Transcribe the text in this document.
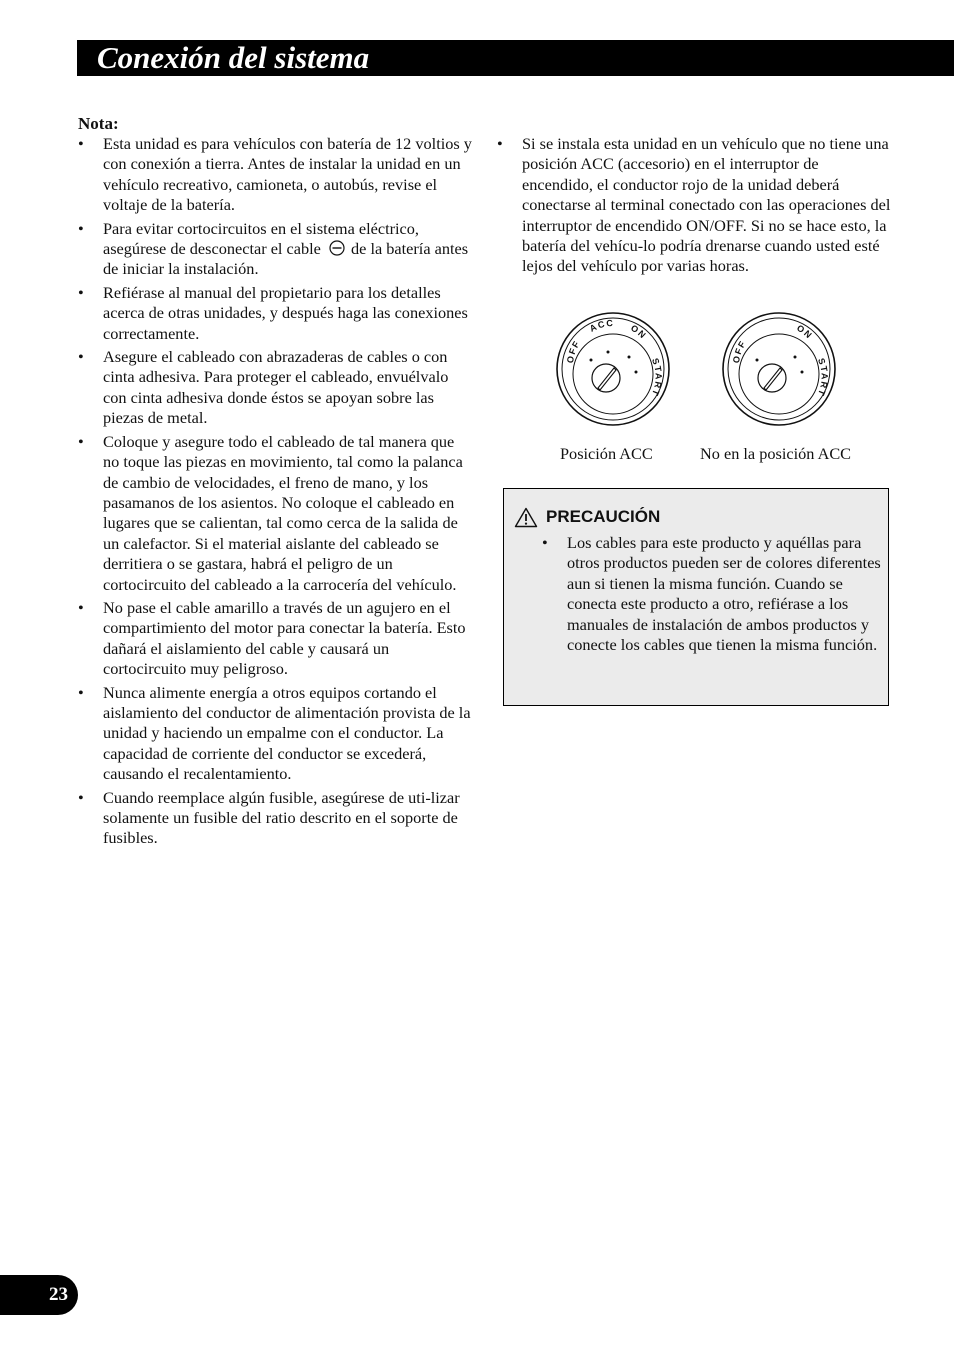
Conexión del sistema
Nota:
• Esta unidad es para vehículos con batería de 12 voltios y con conexión a tierra. Antes de instalar la unidad en un vehículo recreativo, camioneta, o autobús, revise el voltaje de la batería.
• Para evitar cortocircuitos en el sistema eléctrico, asegúrese de desconectar el cable  de la batería antes de iniciar la instalación.
• Refiérase al manual del propietario para los detalles acerca de otras unidades, y después haga las conexiones correctamente.
• Asegure el cableado con abrazaderas de cables o con cinta adhesiva. Para proteger el cableado, envuélvalo con cinta adhesiva donde éstos se apoyan sobre las piezas de metal.
• Coloque y asegure todo el cableado de tal manera que no toque las piezas en movimiento, tal como la palanca de cambio de velocidades, el freno de mano, y los pasamanos de los asientos. No coloque el cableado en lugares que se calientan, tal como cerca de la salida de un calefactor. Si el material aislante del cableado se derritiera o se gastara, habrá el peligro de un cortocircuito del cableado a la carrocería del vehículo.
• No pase el cable amarillo a través de un agujero en el compartimiento del motor para conectar la batería. Esto dañará el aislamiento del cable y causará un cortocircuito muy peligroso.
• Nunca alimente energía a otros equipos cortando el aislamiento del conductor de alimentación provista de la unidad y haciendo un empalme con el conductor. La capacidad de corriente del conductor se excederá, causando el recalentamiento.
• Cuando reemplace algún fusible, asegúrese de uti-lizar solamente un fusible del ratio descrito en el soporte de fusibles.
• Si se instala esta unidad en un vehículo que no tiene una posición ACC (accesorio) en el interruptor de encendido, el conductor rojo de la unidad deberá conectarse al terminal conectado con las operaciones del interruptor de encendido ON/OFF. Si no se hace esto, la batería del vehícu-lo podría drenarse cuando usted esté lejos del vehículo por varias horas.
OFF
ACC ON
START
OFF
ON
START
Posición ACC	No en la posición ACC
PRECAUCIÓN
• Los cables para este producto y aquéllas para otros productos pueden ser de colores diferentes aun si tienen la misma función. Cuando se conecta este producto a otro, refiérase a los manuales de instalación de ambos productos y conecte los cables que tienen la misma función.
23
